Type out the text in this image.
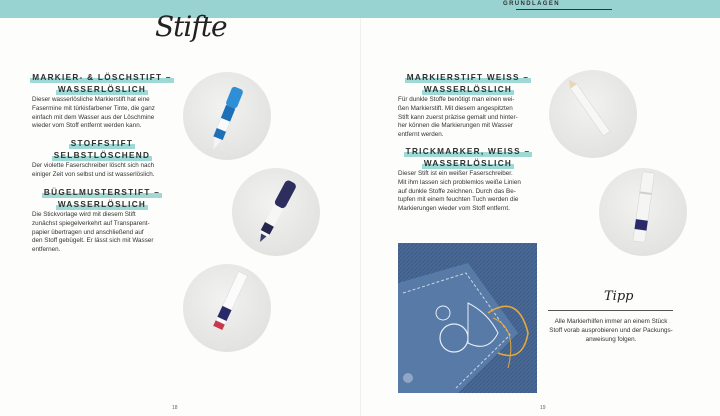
GRUNDLAGEN
Stifte
MARKIER- & LÖSCHSTIFT –
WASSERLÖSLICH
Dieser wasserlösliche Markierstift hat eine
Fasermine mit türkisfarbener Tinte, die ganz
einfach mit dem Wasser aus der Löschmine
wieder vom Stoff entfernt werden kann.
STOFFSTIFT
SELBSTLÖSCHEND
Der violette Faserschreiber löscht sich nach
einiger Zeit von selbst und ist wasserlöslich.
BÜGELMUSTERSTIFT –
WASSERLÖSLICH
Die Stickvorlage wird mit diesem Stift
zunächst spiegelverkehrt auf Transparent-
papier übertragen und anschließend auf
den Stoff gebügelt. Er lässt sich mit Wasser
entfernen.
18
MARKIERSTIFT WEISS –
WASSERLÖSLICH
Für dunkle Stoffe benötigt man einen wei-
ßen Markierstift. Mit diesem angespitzten
Stift kann zuerst präzise gemalt und hinter-
her können die Markierungen mit Wasser
entfernt werden.
TRICKMARKER, WEISS –
WASSERLÖSLICH
Dieser Stift ist ein weißer Faserschreiber.
Mit ihm lassen sich problemlos weiße Linien
auf dunkle Stoffe zeichnen. Durch das Be-
tupfen mit einem feuchten Tuch werden die
Markierungen wieder vom Stoff entfernt.
Tipp
Alle Markierhilfen immer an einem Stück
Stoff vorab ausprobieren und der Packungs-
anweisung folgen.
19
